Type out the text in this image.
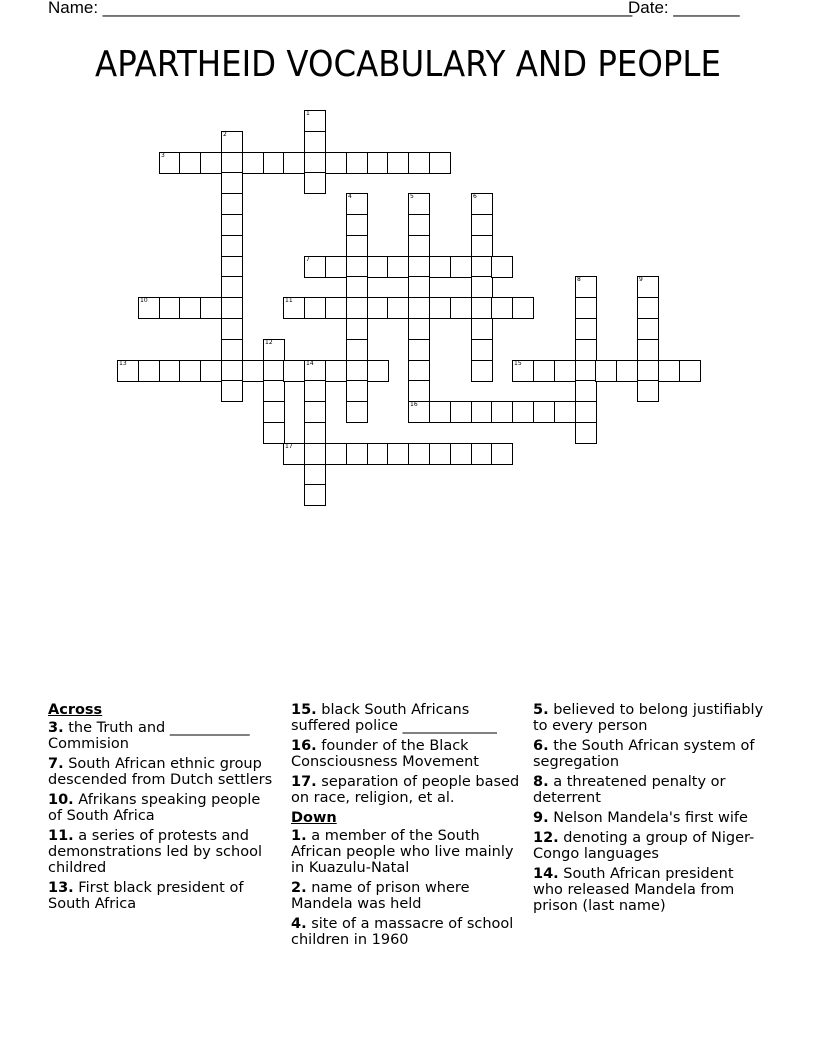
Name: ________________________________________________________
Date: _______
APARTHEID VOCABULARY AND PEOPLE
1
2
3
4	5	6
7
8	9
10	11
12
13	14	15
16
17
Across
3. the Truth and ___________ Commision
7. South African ethnic group descended from Dutch settlers
10. Afrikans speaking people of South Africa
11. a series of protests and demonstrations led by school childred
13. First black president of South Africa
15. black South Africans suffered police _____________
16. founder of the Black Consciousness Movement
17. separation of people based on race, religion, et al.
Down
1. a member of the South African people who live mainly in Kuazulu-Natal
2. name of prison where Mandela was held
4. site of a massacre of school children in 1960
5. believed to belong justifiably to every person
6. the South African system of segregation
8. a threatened penalty or deterrent
9. Nelson Mandela's first wife
12. denoting a group of Niger-Congo languages
14. South African president who released Mandela from prison (last name)
